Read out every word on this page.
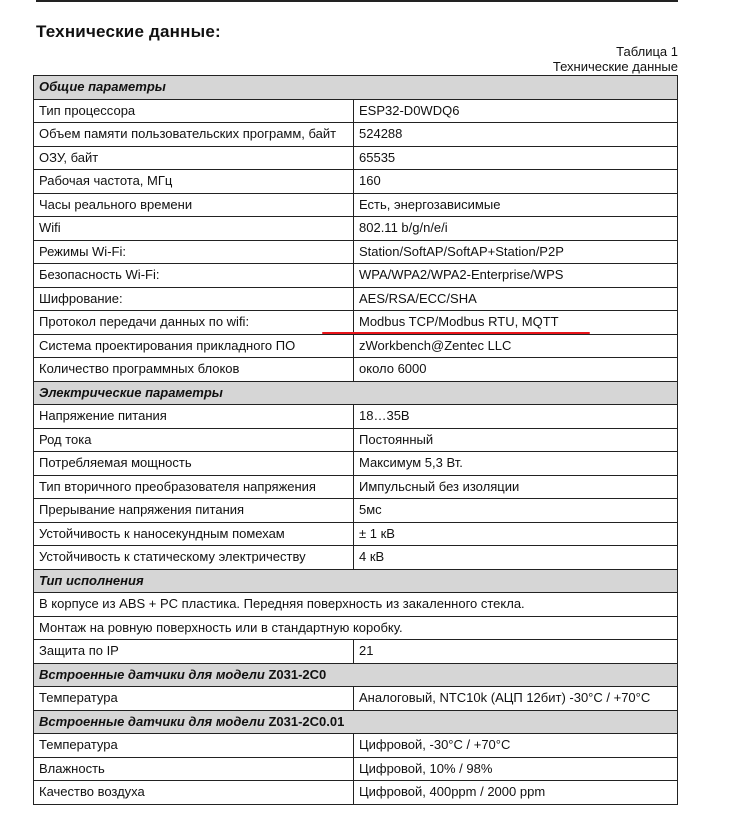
Технические данные:
Таблица 1
Технические данные
Общие параметры	
Тип процессора	ESP32-D0WDQ6
Объем памяти пользовательских программ, байт	524288
ОЗУ, байт	65535
Рабочая частота, МГц	160
Часы реального времени	Есть, энергозависимые
Wifi	802.11 b/g/n/e/i
Режимы Wi-Fi:	Station/SoftAP/SoftAP+Station/P2P
Безопасность Wi-Fi:	WPA/WPA2/WPA2-Enterprise/WPS
Шифрование:	AES/RSA/ECC/SHA
Протокол передачи данных по wifi:	Modbus TCP/Modbus RTU, MQTT
Система проектирования прикладного ПО	zWorkbench@Zentec LLC
Количество программных блоков	около 6000
Электрические параметры	
Напряжение питания	18…35В
Род тока	Постоянный
Потребляемая мощность	Максимум 5,3 Вт.
Тип вторичного преобразователя напряжения	Импульсный без изоляции
Прерывание напряжения питания	5мс
Устойчивость к наносекундным помехам	± 1 кВ
Устойчивость к статическому электричеству	4 кВ
Тип исполнения	
В корпусе из ABS + PC пластика. Передняя поверхность из закаленного стекла.	
Монтаж на ровную поверхность или в стандартную коробку.	
Защита по IP	21
Встроенные датчики для модели Z031-2C0	
Температура	Аналоговый, NTC10k (АЦП 12бит) -30°C / +70°C
Встроенные датчики для модели Z031-2C0.01	
Температура	Цифровой, -30°C / +70°C
Влажность	Цифровой, 10% / 98%
Качество воздуха	Цифровой, 400ppm / 2000 ppm
